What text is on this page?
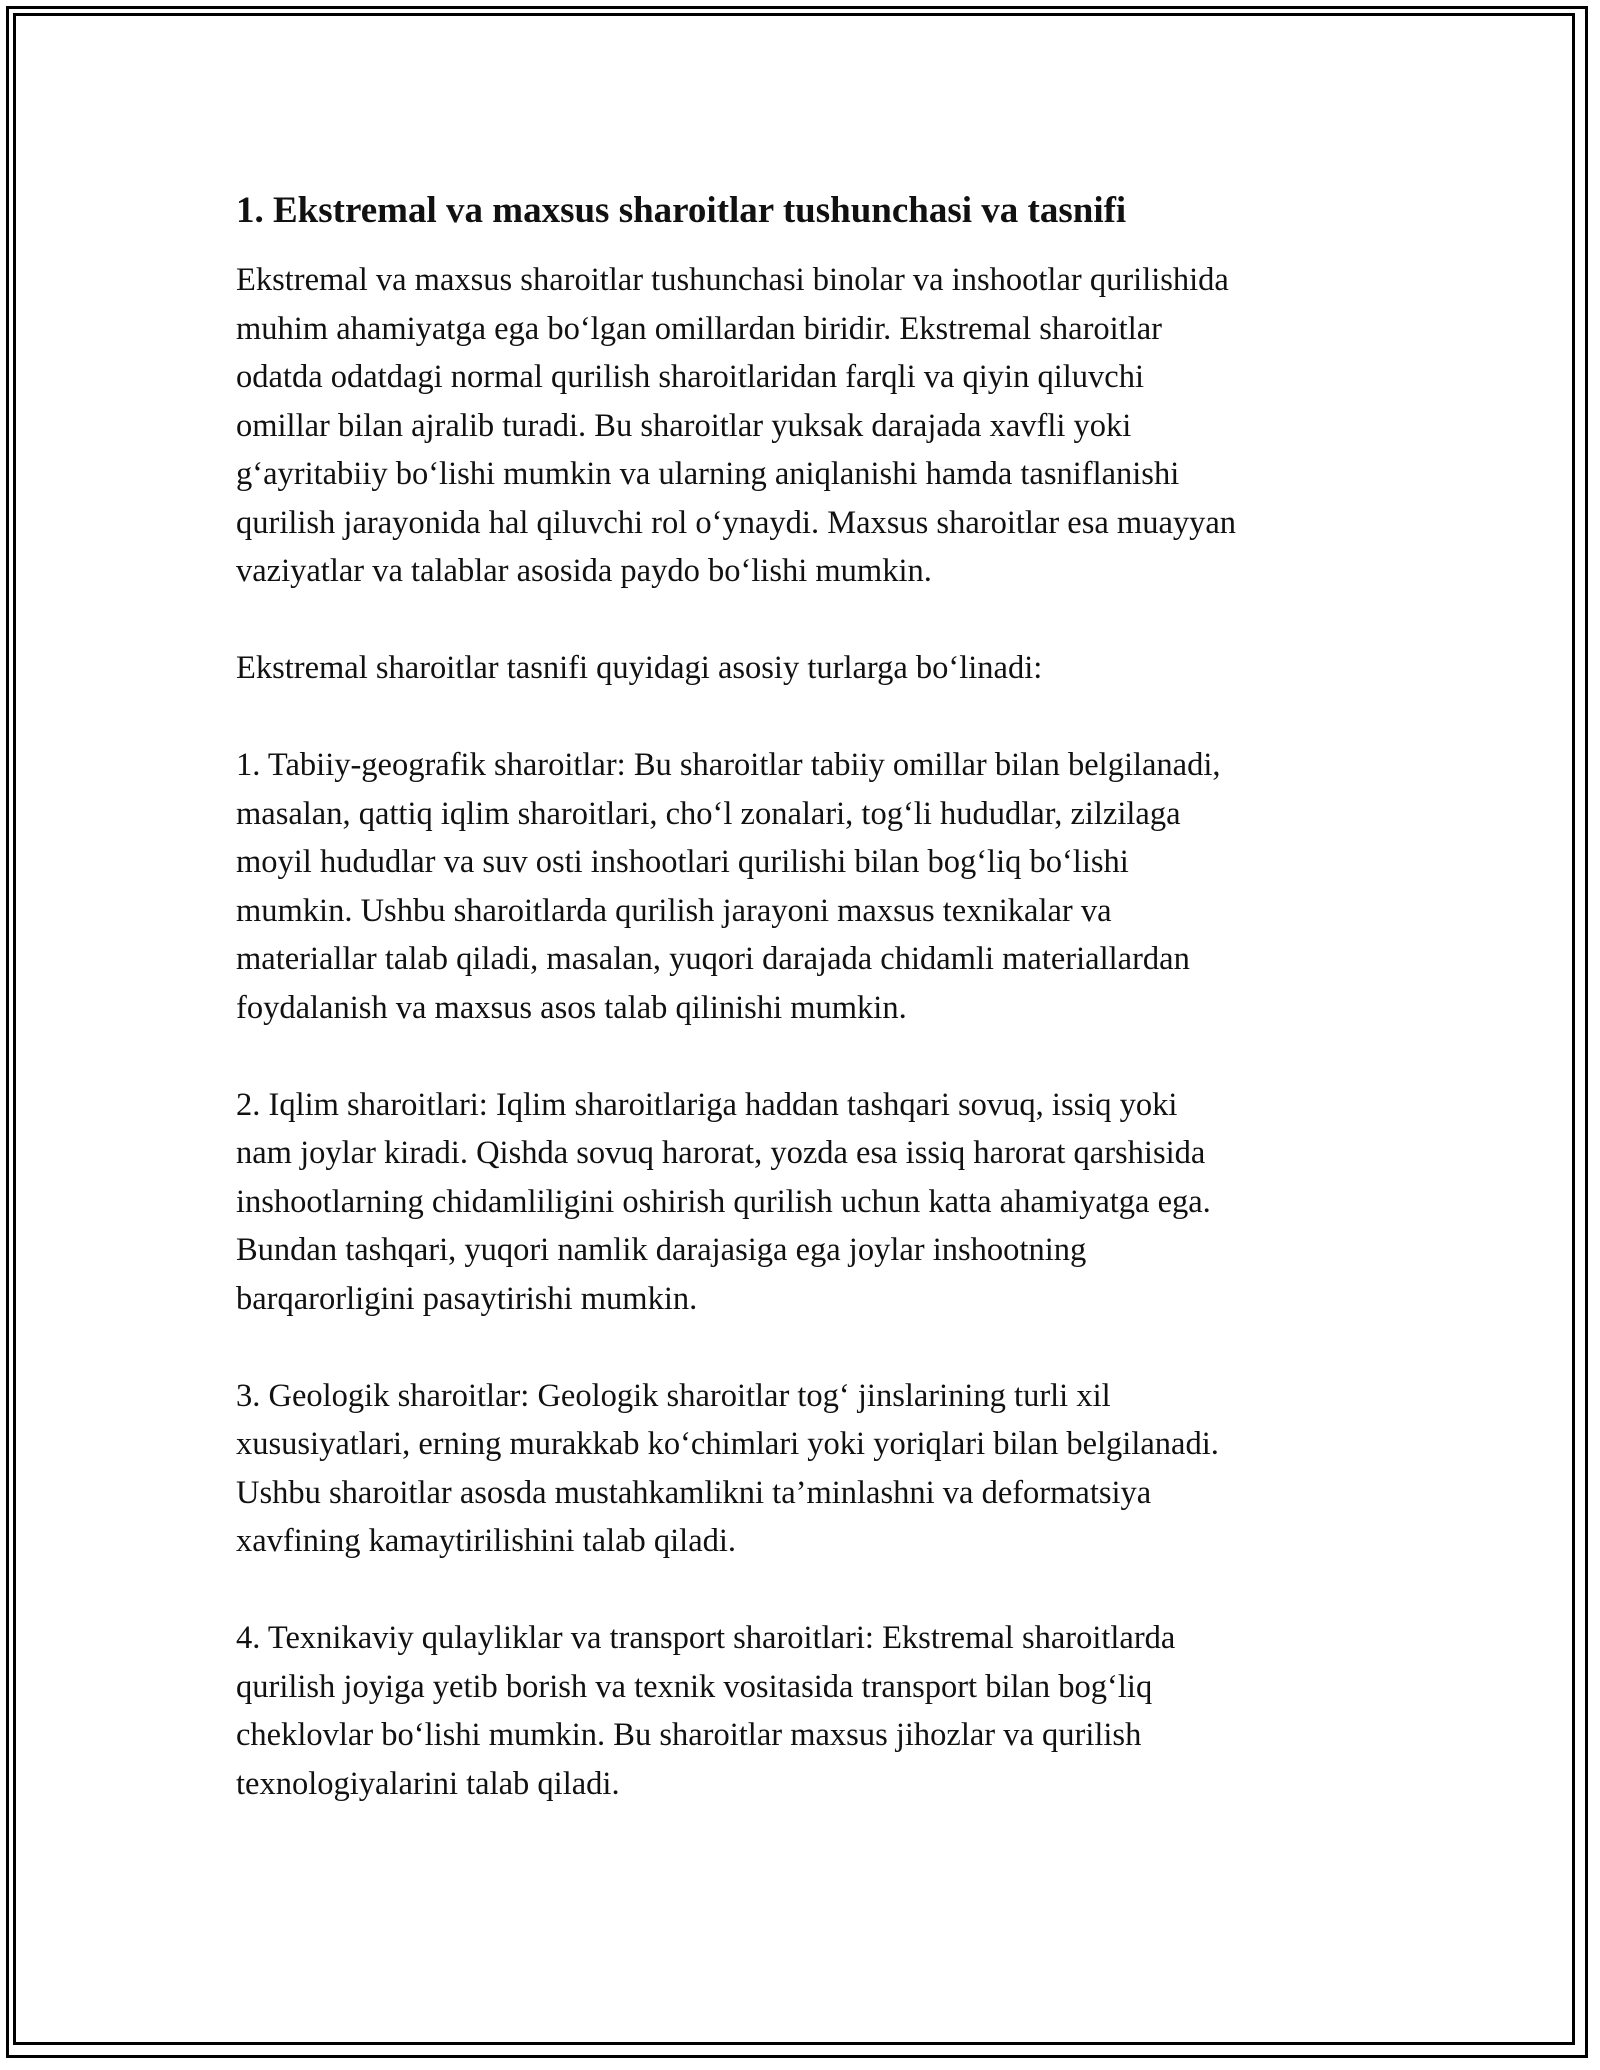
1. Ekstremal va maxsus sharoitlar tushunchasi va tasnifi

Ekstremal va maxsus sharoitlar tushunchasi binolar va inshootlar qurilishida
muhim ahamiyatga ega bo‘lgan omillardan biridir. Ekstremal sharoitlar
odatda odatdagi normal qurilish sharoitlaridan farqli va qiyin qiluvchi
omillar bilan ajralib turadi. Bu sharoitlar yuksak darajada xavfli yoki
g‘ayritabiiy bo‘lishi mumkin va ularning aniqlanishi hamda tasniflanishi
qurilish jarayonida hal qiluvchi rol o‘ynaydi. Maxsus sharoitlar esa muayyan
vaziyatlar va talablar asosida paydo bo‘lishi mumkin.

Ekstremal sharoitlar tasnifi quyidagi asosiy turlarga bo‘linadi:

1. Tabiiy-geografik sharoitlar: Bu sharoitlar tabiiy omillar bilan belgilanadi,
masalan, qattiq iqlim sharoitlari, cho‘l zonalari, tog‘li hududlar, zilzilaga
moyil hududlar va suv osti inshootlari qurilishi bilan bog‘liq bo‘lishi
mumkin. Ushbu sharoitlarda qurilish jarayoni maxsus texnikalar va
materiallar talab qiladi, masalan, yuqori darajada chidamli materiallardan
foydalanish va maxsus asos talab qilinishi mumkin.

2. Iqlim sharoitlari: Iqlim sharoitlariga haddan tashqari sovuq, issiq yoki
nam joylar kiradi. Qishda sovuq harorat, yozda esa issiq harorat qarshisida
inshootlarning chidamliligini oshirish qurilish uchun katta ahamiyatga ega.
Bundan tashqari, yuqori namlik darajasiga ega joylar inshootning
barqarorligini pasaytirishi mumkin.

3. Geologik sharoitlar: Geologik sharoitlar tog‘ jinslarining turli xil
xususiyatlari, erning murakkab ko‘chimlari yoki yoriqlari bilan belgilanadi.
Ushbu sharoitlar asosda mustahkamlikni ta’minlashni va deformatsiya
xavfining kamaytirilishini talab qiladi.

4. Texnikaviy qulayliklar va transport sharoitlari: Ekstremal sharoitlarda
qurilish joyiga yetib borish va texnik vositasida transport bilan bog‘liq
cheklovlar bo‘lishi mumkin. Bu sharoitlar maxsus jihozlar va qurilish
texnologiyalarini talab qiladi.
